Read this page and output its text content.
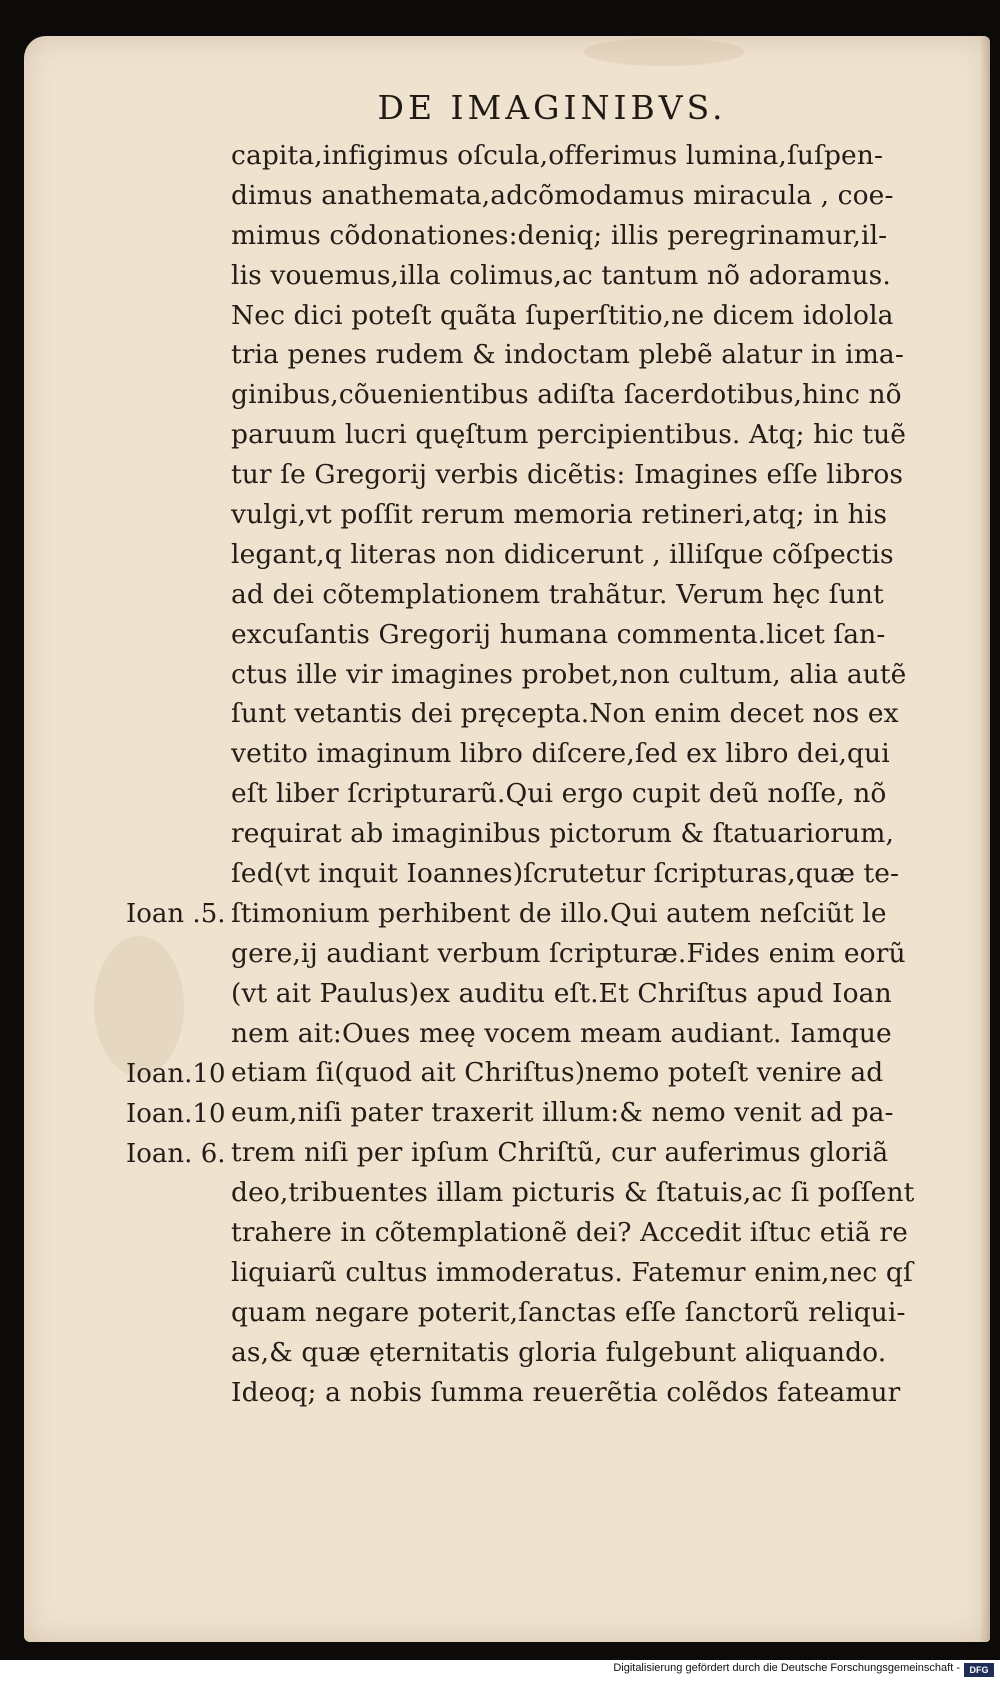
DE IMAGINIBVS.
capita,infigimus oſcula,offerimus lumina,ſuſpen-
dimus anathemata,adcõmodamus miracula , coe-
mimus cõdonationes:deniq; illis peregrinamur,il-
lis vouemus,illa colimus,ac tantum nõ adoramus.
Nec dici poteſt quãta ſuperſtitio,ne dicem idolola
tria penes rudem & indoctam plebẽ alatur in ima-
ginibus,cõuenientibus adiſta ſacerdotibus,hinc nõ
paruum lucri quęſtum percipientibus. Atq; hic tuẽ
tur ſe Gregorij verbis dicẽtis: Imagines eſſe libros
vulgi,vt poſſit rerum memoria retineri,atq; in his
legant,q literas non didicerunt , illiſque cõſpectis
ad dei cõtemplationem trahãtur. Verum hęc ſunt
excuſantis Gregorij humana commenta.licet ſan-
ctus ille vir imagines probet,non cultum, alia autẽ
ſunt vetantis dei pręcepta.Non enim decet nos ex
vetito imaginum libro diſcere,ſed ex libro dei,qui
eſt liber ſcripturarũ.Qui ergo cupit deũ noſſe, nõ
requirat ab imaginibus pictorum & ſtatuariorum,
ſed(vt inquit Ioannes)ſcrutetur ſcripturas,quæ te-
ſtimonium perhibent de illo.Qui autem neſciũt le
gere,ij audiant verbum ſcripturæ.Fides enim eorũ
(vt ait Paulus)ex auditu eſt.Et Chriſtus apud Ioan
nem ait:Oues meę vocem meam audiant. Iamque
etiam ſi(quod ait Chriſtus)nemo poteſt venire ad
eum,niſi pater traxerit illum:& nemo venit ad pa-
trem niſi per ipſum Chriſtũ, cur auferimus gloriã
deo,tribuentes illam picturis & ſtatuis,ac ſi poſſent
trahere in cõtemplationẽ dei? Accedit iſtuc etiã re
liquiarũ cultus immoderatus. Fatemur enim,nec qſ
quam negare poterit,ſanctas eſſe ſanctorũ reliqui-
as,& quæ ęternitatis gloria fulgebunt aliquando.
Ideoq; a nobis ſumma reuerẽtia colẽdos fateamur
Ioan .5.
Ioan.10
Ioan.10
Ioan. 6.
Digitalisierung gefördert durch die Deutsche Forschungsgemeinschaft -	DFG
